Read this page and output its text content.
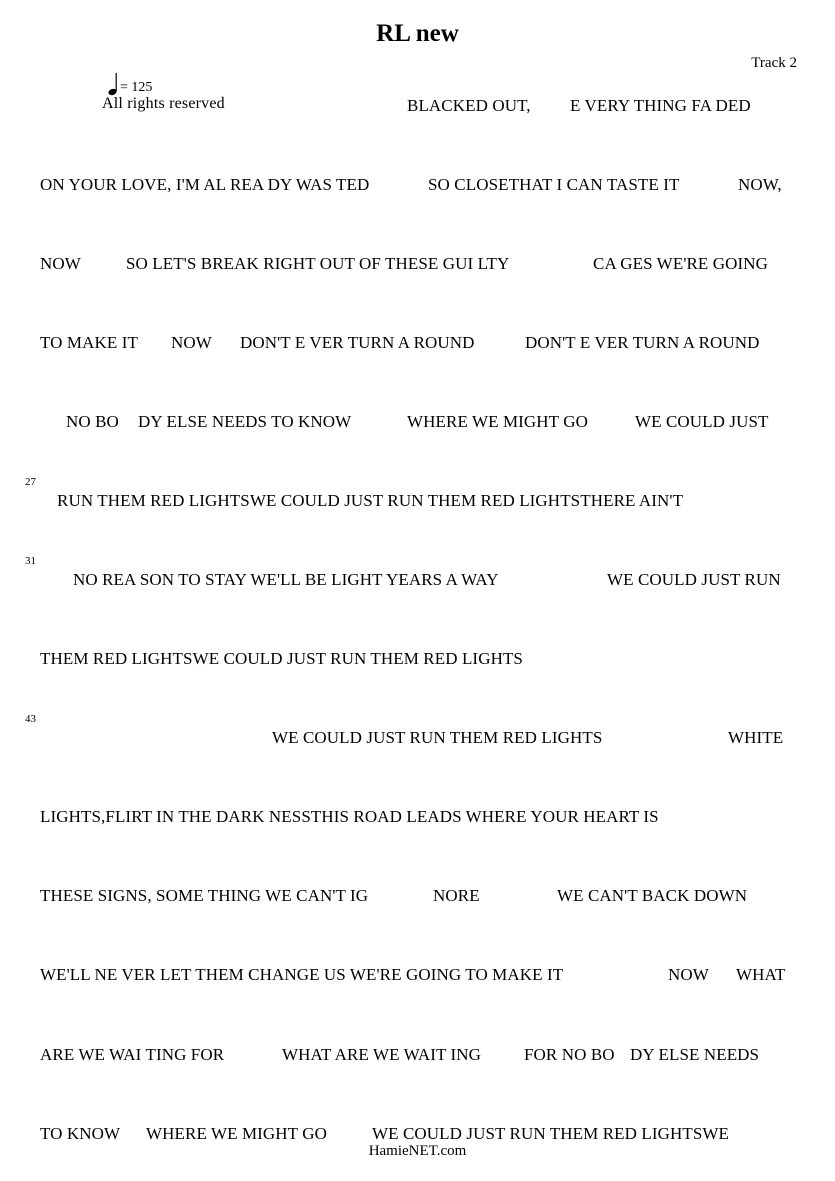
RL new
Track 2
= 125
All rights reserved
27
31
43
BLACKED OUT, E VERY THING FA DED
ON YOUR LOVE, I'M AL REA DY WAS TED	SO CLOSETHAT I CAN TASTE IT	NOW,
NOW	SO LET'S BREAK RIGHT OUT OF THESE GUI LTY	CA GES WE'RE GOING
TO MAKE IT NOW DON'T E VER TURN A ROUND	DON'T E VER TURN A ROUND
NO BO DY ELSE NEEDS TO KNOW	WHERE WE MIGHT GO	WE COULD JUST
RUN THEM RED LIGHTSWE COULD JUST RUN THEM RED LIGHTSTHERE AIN'T
NO REA SON TO STAY WE'LL BE LIGHT YEARS A WAY	WE COULD JUST RUN
THEM RED LIGHTSWE COULD JUST RUN THEM RED LIGHTS
WE COULD JUST RUN THEM RED LIGHTS	WHITE
LIGHTS,FLIRT IN THE DARK NESSTHIS ROAD LEADS WHERE YOUR HEART IS
THESE SIGNS, SOME THING WE CAN'T IG	NORE	WE CAN'T BACK DOWN
WE'LL NE VER LET THEM CHANGE US WE'RE GOING TO MAKE IT	NOW WHAT
ARE WE WAI TING FOR	WHAT ARE WE WAIT ING	FOR NO BO DY ELSE NEEDS
TO KNOW WHERE WE MIGHT GO	WE COULD JUST RUN THEM RED LIGHTSWE
HamieNET.com
